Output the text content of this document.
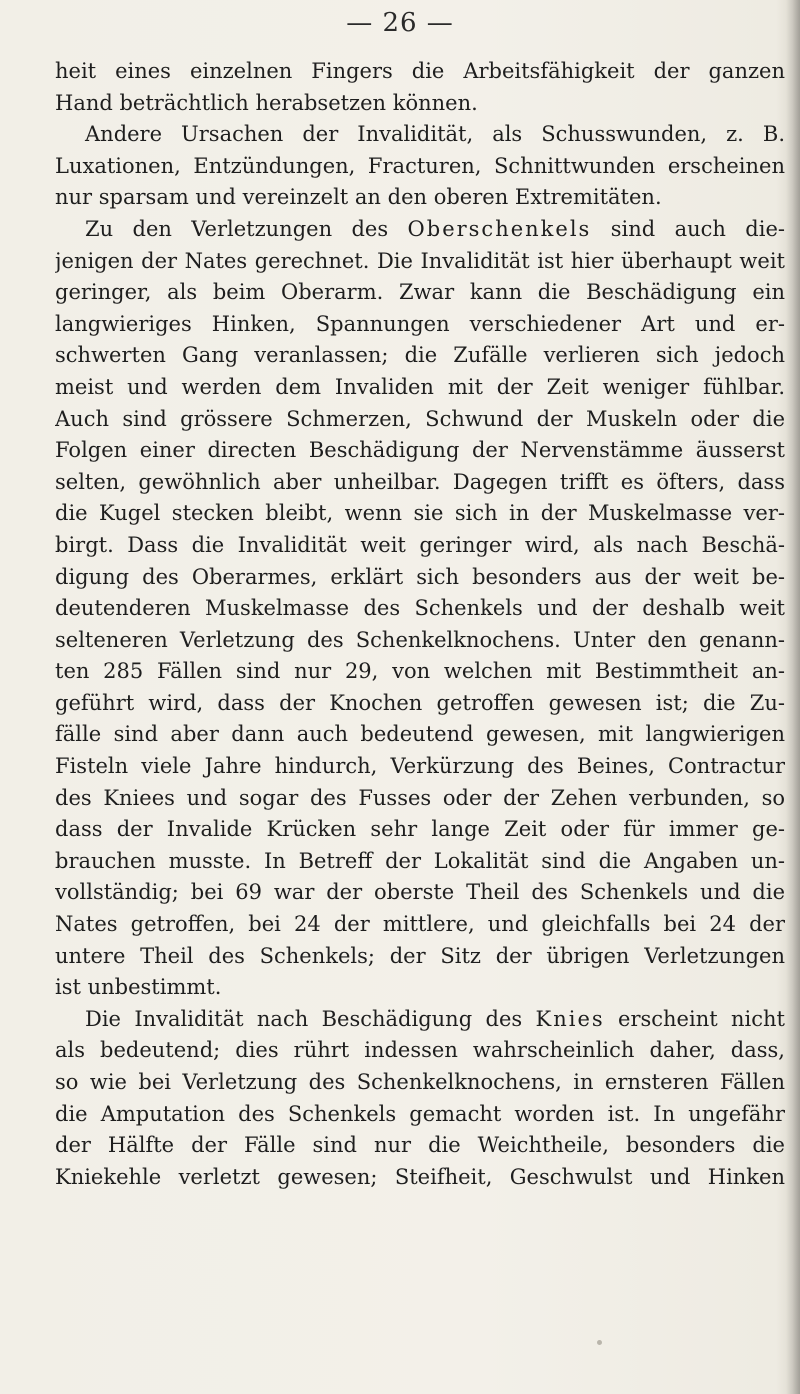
— 26 —
heit eines einzelnen Fingers die Arbeitsfähigkeit der ganzen
Hand beträchtlich herabsetzen können.
Andere Ursachen der Invalidität, als Schusswunden, z. B.
Luxationen, Entzündungen, Fracturen, Schnittwunden erscheinen
nur sparsam und vereinzelt an den oberen Extremitäten.
Zu den Verletzungen des Oberschenkels sind auch die-
jenigen der Nates gerechnet. Die Invalidität ist hier überhaupt weit
geringer, als beim Oberarm. Zwar kann die Beschädigung ein
langwieriges Hinken, Spannungen verschiedener Art und er-
schwerten Gang veranlassen; die Zufälle verlieren sich jedoch
meist und werden dem Invaliden mit der Zeit weniger fühlbar.
Auch sind grössere Schmerzen, Schwund der Muskeln oder die
Folgen einer directen Beschädigung der Nervenstämme äusserst
selten, gewöhnlich aber unheilbar. Dagegen trifft es öfters, dass
die Kugel stecken bleibt, wenn sie sich in der Muskelmasse ver-
birgt. Dass die Invalidität weit geringer wird, als nach Beschä-
digung des Oberarmes, erklärt sich besonders aus der weit be-
deutenderen Muskelmasse des Schenkels und der deshalb weit
selteneren Verletzung des Schenkelknochens. Unter den genann-
ten 285 Fällen sind nur 29, von welchen mit Bestimmtheit an-
geführt wird, dass der Knochen getroffen gewesen ist; die Zu-
fälle sind aber dann auch bedeutend gewesen, mit langwierigen
Fisteln viele Jahre hindurch, Verkürzung des Beines, Contractur
des Kniees und sogar des Fusses oder der Zehen verbunden, so
dass der Invalide Krücken sehr lange Zeit oder für immer ge-
brauchen musste. In Betreff der Lokalität sind die Angaben un-
vollständig; bei 69 war der oberste Theil des Schenkels und die
Nates getroffen, bei 24 der mittlere, und gleichfalls bei 24 der
untere Theil des Schenkels; der Sitz der übrigen Verletzungen
ist unbestimmt.
Die Invalidität nach Beschädigung des Knies erscheint nicht
als bedeutend; dies rührt indessen wahrscheinlich daher, dass,
so wie bei Verletzung des Schenkelknochens, in ernsteren Fällen
die Amputation des Schenkels gemacht worden ist. In ungefähr
der Hälfte der Fälle sind nur die Weichtheile, besonders die
Kniekehle verletzt gewesen; Steifheit, Geschwulst und Hinken
